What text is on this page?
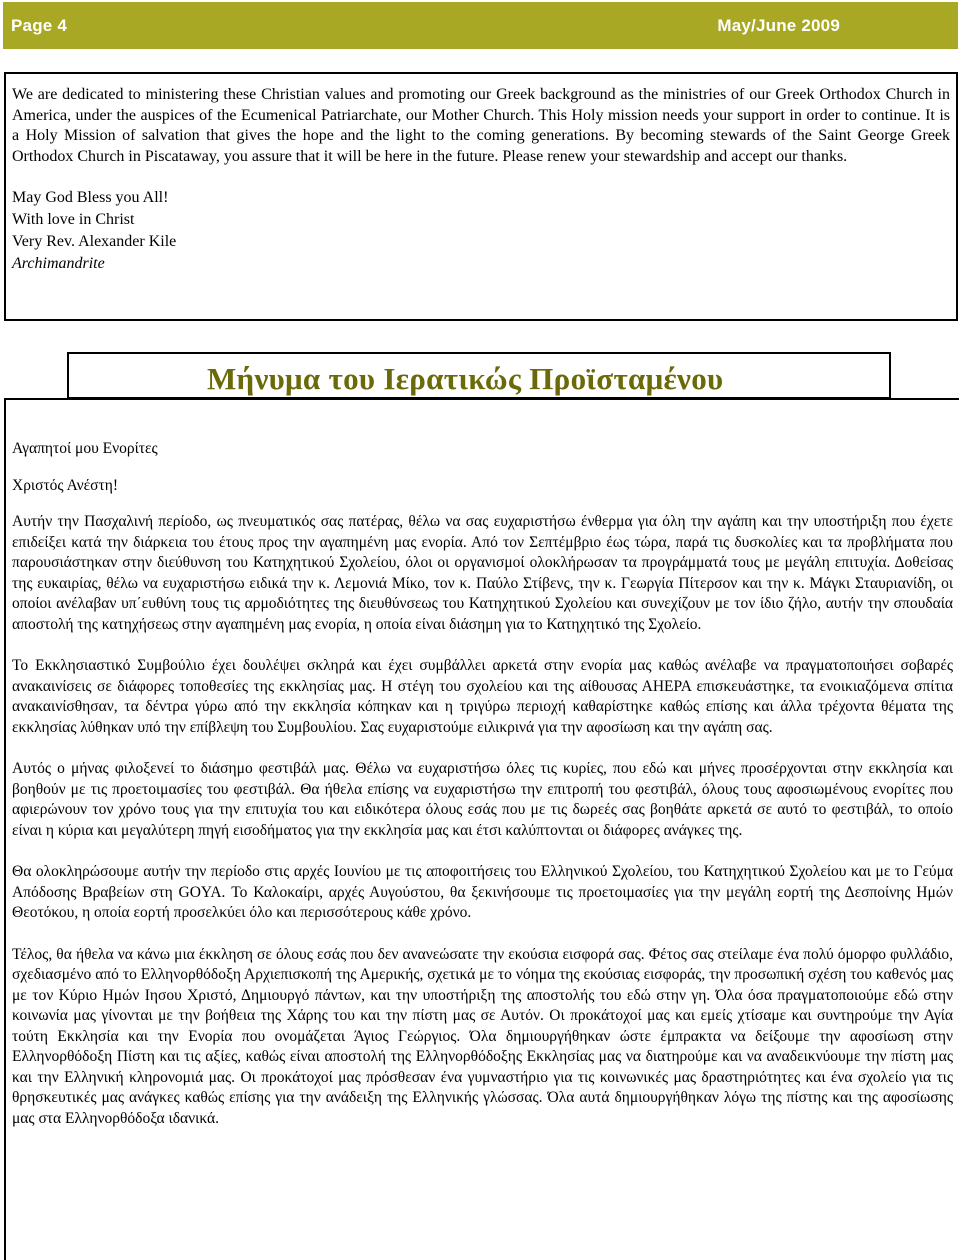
Page 4	May/June 2009

We are dedicated to ministering these Christian values and promoting our Greek background as the ministries of our Greek Orthodox Church in America, under the auspices of the Ecumenical Patriarchate, our Mother Church. This Holy mission needs your support in order to continue. It is a Holy Mission of salvation that gives the hope and the light to the coming generations. By becoming stewards of the Saint George Greek Orthodox Church in Piscataway, you assure that it will be here in the future. Please renew your stewardship and accept our thanks.

May God Bless you All!
With love in Christ
Very Rev. Alexander Kile
Archimandrite
Μήνυμα του Ιερατικώς Προϊσταμένου

Αγαπητοί μου Ενορίτες

Χριστός Ανέστη!

Αυτήν την Πασχαλινή περίοδο, ως πνευματικός σας πατέρας, θέλω να σας ευχαριστήσω ένθερμα για όλη την αγάπη και την υποστήριξη που έχετε επιδείξει κατά την διάρκεια του έτους προς την αγαπημένη μας ενορία. Από τον Σεπτέμβριο έως τώρα, παρά τις δυσκολίες και τα προβλήματα που παρουσιάστηκαν στην διεύθυνση του Κατηχητικού Σχολείου, όλοι οι οργανισμοί ολοκλήρωσαν τα προγράμματά τους με μεγάλη επιτυχία. Δοθείσας της ευκαιρίας, θέλω να ευχαριστήσω ειδικά την κ. Λεμονιά Μίκο, τον κ. Παύλο Στίβενς, την κ. Γεωργία Πίτερσον και την κ. Μάγκι Σταυριανίδη, οι οποίοι ανέλαβαν υπ΄ευθύνη τους τις αρμοδιότητες της διευθύνσεως του Κατηχητικού Σχολείου και συνεχίζουν με τον ίδιο ζήλο, αυτήν την σπουδαία αποστολή της κατηχήσεως στην αγαπημένη μας ενορία, η οποία είναι διάσημη για το Κατηχητικό της Σχολείο.

Το Εκκλησιαστικό Συμβούλιο έχει δουλέψει σκληρά και έχει συμβάλλει αρκετά στην ενορία μας καθώς ανέλαβε να πραγματοποιήσει σοβαρές ανακαινίσεις σε διάφορες τοποθεσίες της εκκλησίας μας. Η στέγη του σχολείου και της αίθουσας ΑΗΕΡΑ επισκευάστηκε, τα ενοικιαζόμενα σπίτια ανακαινίσθησαν, τα δέντρα γύρω από την εκκλησία κόπηκαν και η τριγύρω περιοχή καθαρίστηκε καθώς επίσης και άλλα τρέχοντα θέματα της εκκλησίας λύθηκαν υπό την επίβλεψη του Συμβουλίου. Σας ευχαριστούμε ειλικρινά για την αφοσίωση και την αγάπη σας.

Αυτός ο μήνας φιλοξενεί το διάσημο φεστιβάλ μας. Θέλω να ευχαριστήσω όλες τις κυρίες, που εδώ και μήνες προσέρχονται στην εκκλησία και βοηθούν με τις προετοιμασίες του φεστιβάλ. Θα ήθελα επίσης να ευχαριστήσω την επιτροπή του φεστιβάλ, όλους τους αφοσιωμένους ενορίτες που αφιερώνουν τον χρόνο τους για την επιτυχία του και ειδικότερα όλους εσάς που με τις δωρεές σας βοηθάτε αρκετά σε αυτό το φεστιβάλ, το οποίο είναι η κύρια και μεγαλύτερη πηγή εισοδήματος για την εκκλησία μας και έτσι καλύπτονται οι διάφορες ανάγκες της.

Θα ολοκληρώσουμε αυτήν την περίοδο στις αρχές Ιουνίου με τις αποφοιτήσεις του Ελληνικού Σχολείου, του Κατηχητικού Σχολείου και με το Γεύμα Απόδοσης Βραβείων στη GOYA. Το Καλοκαίρι, αρχές Αυγούστου, θα ξεκινήσουμε τις προετοιμασίες για την μεγάλη εορτή της Δεσποίνης Ημών Θεοτόκου, η οποία εορτή προσελκύει όλο και περισσότερους κάθε χρόνο.

Τέλος, θα ήθελα να κάνω μια έκκληση σε όλους εσάς που δεν ανανεώσατε την εκούσια εισφορά σας. Φέτος σας στείλαμε ένα πολύ όμορφο φυλλάδιο, σχεδιασμένο από το Ελληνορθόδοξη Αρχιεπισκοπή της Αμερικής, σχετικά με το νόημα της εκούσιας εισφοράς, την προσωπική σχέση του καθενός μας με τον Κύριο Ημών Ιησου Χριστό, Δημιουργό πάντων, και την υποστήριξη της αποστολής του εδώ στην γη. Όλα όσα πραγματοποιούμε εδώ στην κοινωνία μας γίνονται με την βοήθεια της Χάρης του και την πίστη μας σε Αυτόν. Οι προκάτοχοί μας και εμείς χτίσαμε και συντηρούμε την Αγία τούτη Εκκλησία και την Ενορία που ονομάζεται Άγιος Γεώργιος. Όλα δημιουργήθηκαν ώστε έμπρακτα να δείξουμε την αφοσίωση στην Ελληνορθόδοξη Πίστη και τις αξίες, καθώς είναι αποστολή της Ελληνορθόδοξης Εκκλησίας μας να διατηρούμε και να αναδεικνύουμε την πίστη μας και την Ελληνική κληρονομιά μας. Οι προκάτοχοί μας πρόσθεσαν ένα γυμναστήριο για τις κοινωνικές μας δραστηριότητες και ένα σχολείο για τις θρησκευτικές μας ανάγκες καθώς επίσης για την ανάδειξη της Ελληνικής γλώσσας. Όλα αυτά δημιουργήθηκαν λόγω της πίστης και της αφοσίωσης μας στα Ελληνορθόδοξα ιδανικά.
